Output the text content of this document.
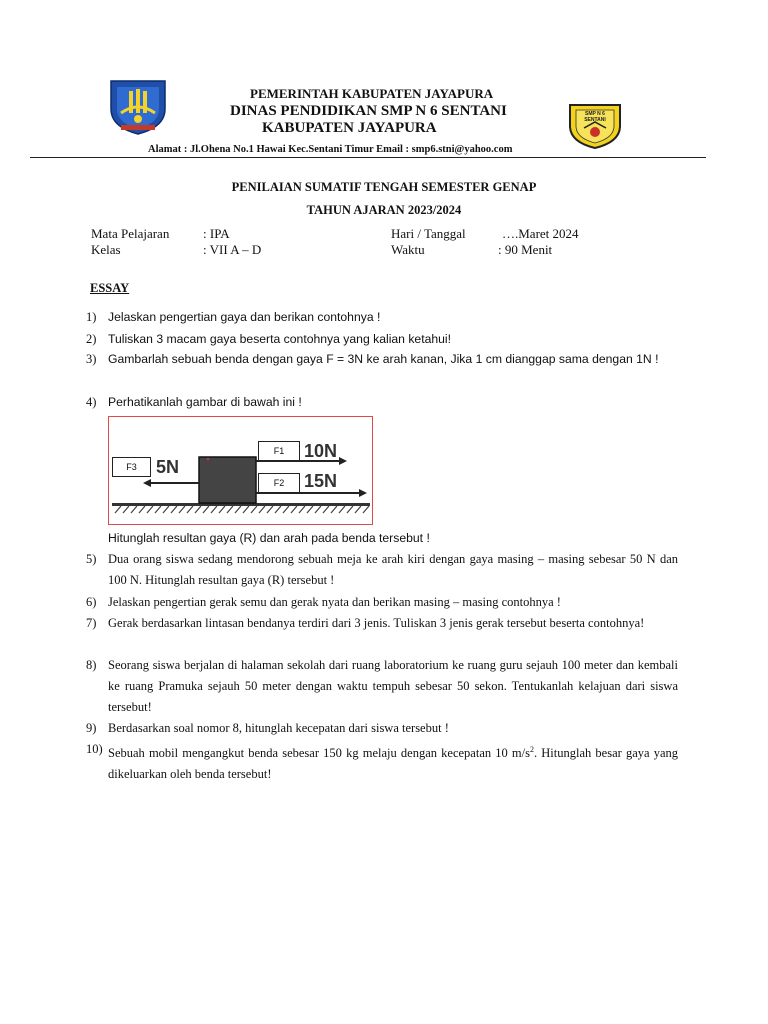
SMP N 6
SENTANI
PEMERINTAH KABUPATEN JAYAPURA
DINAS PENDIDIKAN SMP N 6 SENTANI
KABUPATEN JAYAPURA
Alamat : Jl.Ohena No.1 Hawai Kec.Sentani Timur Email : smp6.stni@yahoo.com
PENILAIAN SUMATIF TENGAH SEMESTER GENAP
TAHUN AJARAN 2023/2024
Mata Pelajaran	: IPA	Hari / Tanggal	….Maret 2024
Kelas	: VII A – D	Waktu	: 90 Menit
ESSAY
1) Jelaskan pengertian gaya dan berikan contohnya !
2) Tuliskan 3 macam gaya beserta contohnya yang kalian ketahui!
3) Gambarlah sebuah benda dengan gaya F = 3N ke arah kanan, Jika 1 cm dianggap sama dengan 1N !
4) Perhatikanlah gambar di bawah ini !
F3	5N
F1	10N
F2	15N
Hitunglah resultan gaya (R) dan arah pada benda tersebut !
5) Dua orang siswa sedang mendorong sebuah meja ke arah kiri dengan gaya masing – masing sebesar 50 N dan 100 N. Hitunglah resultan gaya (R) tersebut !
6) Jelaskan pengertian gerak semu dan gerak nyata dan berikan masing – masing contohnya !
7) Gerak berdasarkan lintasan bendanya terdiri dari 3 jenis. Tuliskan 3 jenis gerak tersebut beserta contohnya!
8) Seorang siswa berjalan di halaman sekolah dari ruang laboratorium ke ruang guru sejauh 100 meter dan kembali ke ruang Pramuka sejauh 50 meter dengan waktu tempuh sebesar 50 sekon. Tentukanlah kelajuan dari siswa tersebut!
9) Berdasarkan soal nomor 8, hitunglah kecepatan dari siswa tersebut !
10) Sebuah mobil mengangkut benda sebesar 150 kg melaju dengan kecepatan 10 $m/s^2$. Hitunglah besar gaya yang dikeluarkan oleh benda tersebut!
